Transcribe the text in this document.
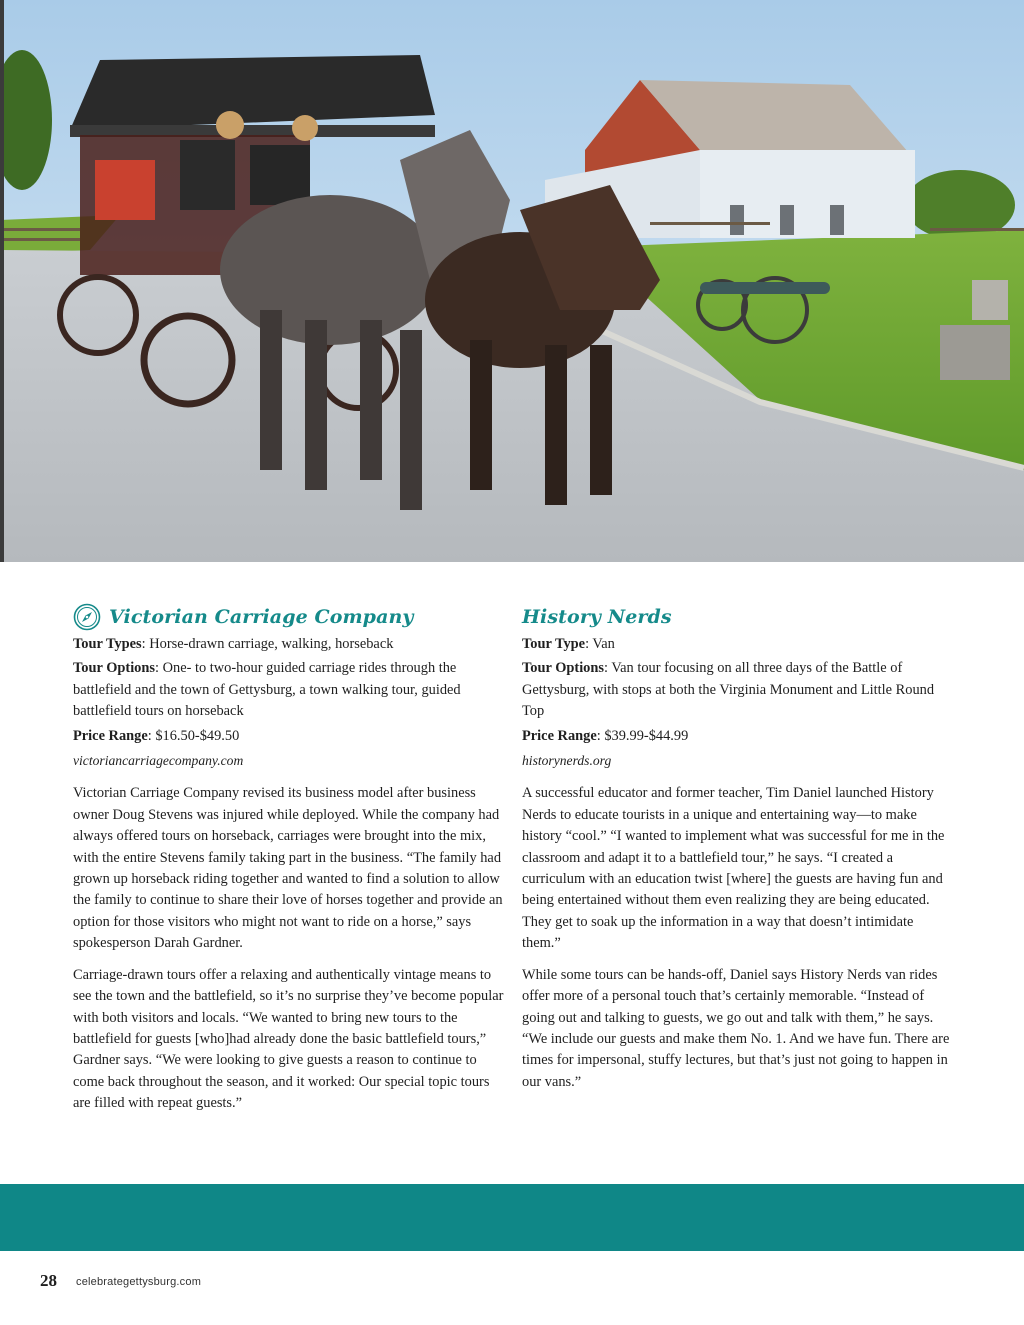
Victorian Carriage Company

Tour Types: Horse-drawn carriage, walking, horseback

Tour Options: One- to two-hour guided carriage rides through the battlefield and the town of Gettysburg, a town walking tour, guided battlefield tours on horseback

Price Range: $16.50-$49.50

victoriancarriagecompany.com

Victorian Carriage Company revised its business model after business owner Doug Stevens was injured while deployed. While the company had always offered tours on horseback, carriages were brought into the mix, with the entire Stevens family taking part in the business. “The family had grown up horseback riding together and wanted to find a solution to allow the family to continue to share their love of horses together and provide an option for those visitors who might not want to ride on a horse,” says spokesperson Darah Gardner.

Carriage-drawn tours offer a relaxing and authentically vintage means to see the town and the battlefield, so it’s no surprise they’ve become popular with both visitors and locals. “We wanted to bring new tours to the battlefield for guests [who]had already done the basic battlefield tours,” Gardner says. “We were looking to give guests a reason to continue to come back throughout the season, and it worked: Our special topic tours are filled with repeat guests.”

History Nerds

Tour Type: Van

Tour Options: Van tour focusing on all three days of the Battle of Gettysburg, with stops at both the Virginia Monument and Little Round Top

Price Range: $39.99-$44.99

historynerds.org

A successful educator and former teacher, Tim Daniel launched History Nerds to educate tourists in a unique and entertaining way—to make history “cool.” “I wanted to implement what was successful for me in the classroom and adapt it to a battlefield tour,” he says. “I created a curriculum with an education twist [where] the guests are having fun and being entertained without them even realizing they are being educated. They get to soak up the information in a way that doesn’t intimidate them.”

While some tours can be hands-off, Daniel says History Nerds van rides offer more of a personal touch that’s certainly memorable. “Instead of going out and talking to guests, we go out and talk with them,” he says. “We include our guests and make them No. 1. And we have fun. There are times for impersonal, stuffy lectures, but that’s just not going to happen in our vans.”

28 celebrategettysburg.com
